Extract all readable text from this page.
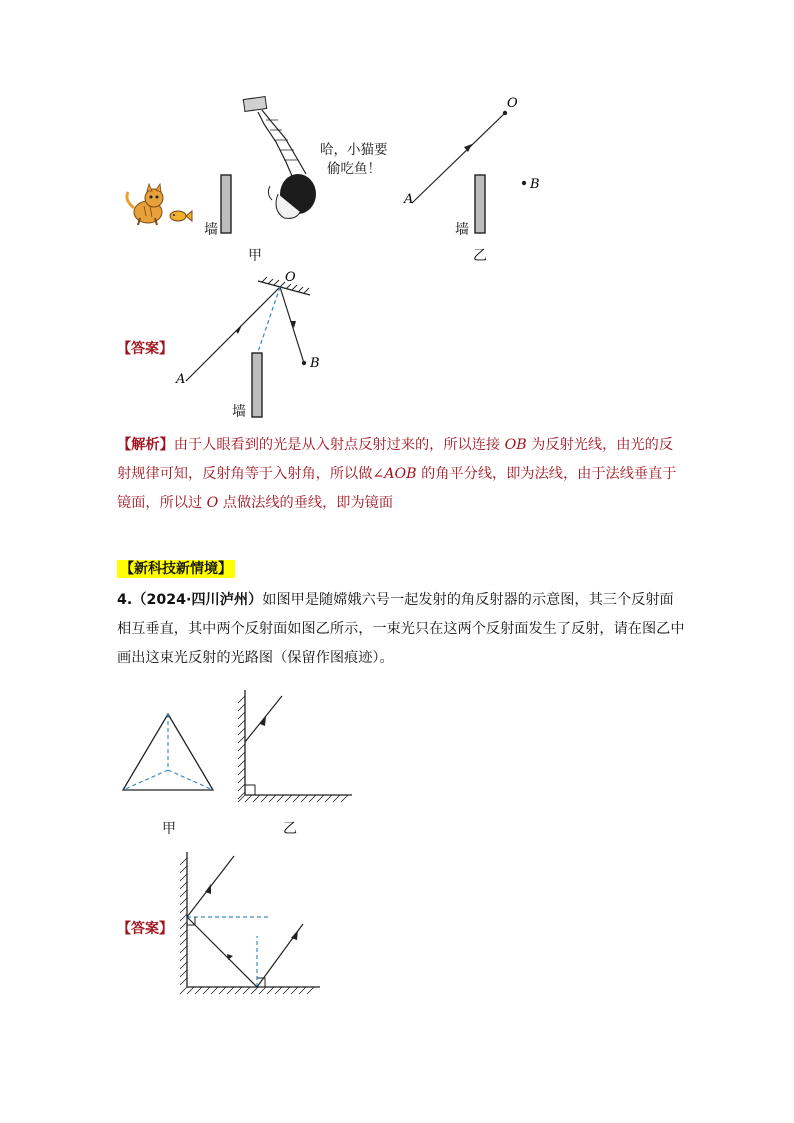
哈，小猫要
偷吃鱼！
墙
甲
O
A
B
墙
乙
【答案】
O
A
B
墙
【解析】由于人眼看到的光是从入射点反射过来的，所以连接 OB 为反射光线，由光的反射规律可知，反射角等于入射角，所以做∠AOB 的角平分线，即为法线，由于法线垂直于镜面，所以过 O 点做法线的垂线，即为镜面
【新科技新情境】
4.（2024·四川泸州）如图甲是随嫦娥六号一起发射的角反射器的示意图，其三个反射面相互垂直，其中两个反射面如图乙所示，一束光只在这两个反射面发生了反射，请在图乙中画出这束光反射的光路图（保留作图痕迹）。
甲	乙
【答案】
